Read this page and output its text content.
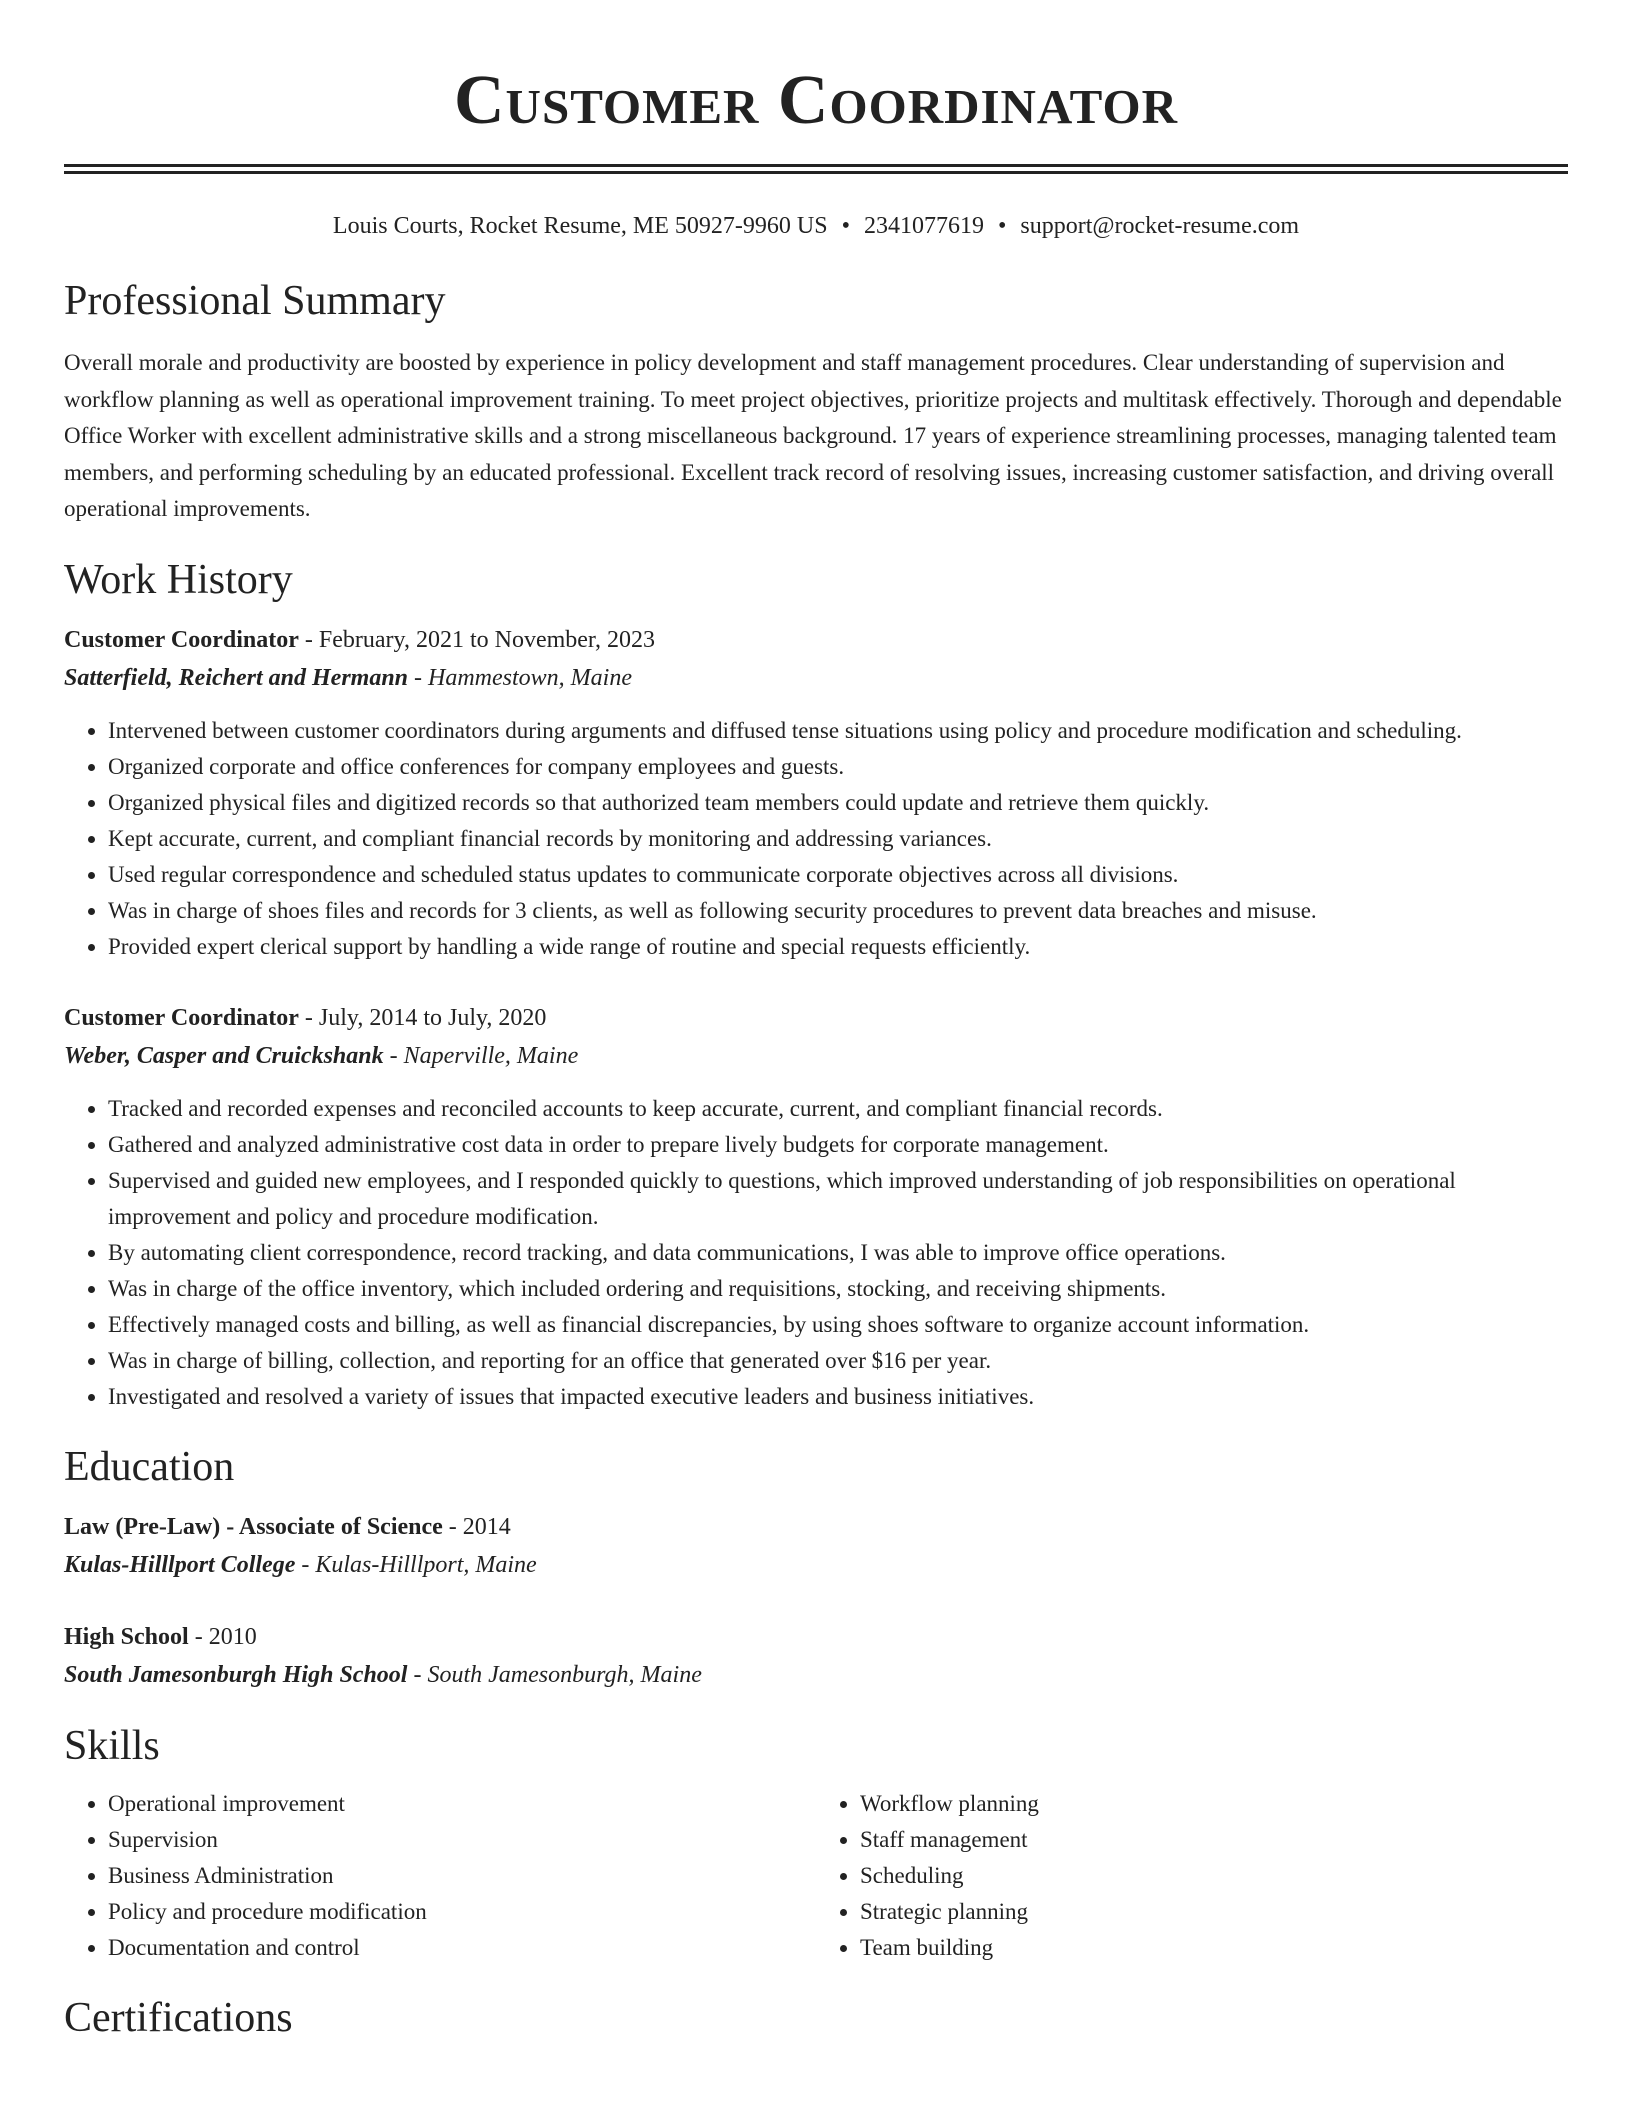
Customer Coordinator
Louis Courts, Rocket Resume, ME 50927-9960 US • 2341077619 • support@rocket-resume.com
Professional Summary

Overall morale and productivity are boosted by experience in policy development and staff management procedures. Clear understanding of supervision and workflow planning as well as operational improvement training. To meet project objectives, prioritize projects and multitask effectively. Thorough and dependable Office Worker with excellent administrative skills and a strong miscellaneous background. 17 years of experience streamlining processes, managing talented team members, and performing scheduling by an educated professional. Excellent track record of resolving issues, increasing customer satisfaction, and driving overall operational improvements.

Work History
Customer Coordinator - February, 2021 to November, 2023
Satterfield, Reichert and Hermann - Hammestown, Maine
• Intervened between customer coordinators during arguments and diffused tense situations using policy and procedure modification and scheduling.
• Organized corporate and office conferences for company employees and guests.
• Organized physical files and digitized records so that authorized team members could update and retrieve them quickly.
• Kept accurate, current, and compliant financial records by monitoring and addressing variances.
• Used regular correspondence and scheduled status updates to communicate corporate objectives across all divisions.
• Was in charge of shoes files and records for 3 clients, as well as following security procedures to prevent data breaches and misuse.
• Provided expert clerical support by handling a wide range of routine and special requests efficiently.
Customer Coordinator - July, 2014 to July, 2020
Weber, Casper and Cruickshank - Naperville, Maine
• Tracked and recorded expenses and reconciled accounts to keep accurate, current, and compliant financial records.
• Gathered and analyzed administrative cost data in order to prepare lively budgets for corporate management.
• Supervised and guided new employees, and I responded quickly to questions, which improved understanding of job responsibilities on operational improvement and policy and procedure modification.
• By automating client correspondence, record tracking, and data communications, I was able to improve office operations.
• Was in charge of the office inventory, which included ordering and requisitions, stocking, and receiving shipments.
• Effectively managed costs and billing, as well as financial discrepancies, by using shoes software to organize account information.
• Was in charge of billing, collection, and reporting for an office that generated over $16 per year.
• Investigated and resolved a variety of issues that impacted executive leaders and business initiatives.
Education
Law (Pre-Law) - Associate of Science - 2014
Kulas-Hilllport College - Kulas-Hilllport, Maine
High School - 2010
South Jamesonburgh High School - South Jamesonburgh, Maine
Skills
• Operational improvement
• Supervision
• Business Administration
• Policy and procedure modification
• Documentation and control
• Workflow planning
• Staff management
• Scheduling
• Strategic planning
• Team building
Certifications
